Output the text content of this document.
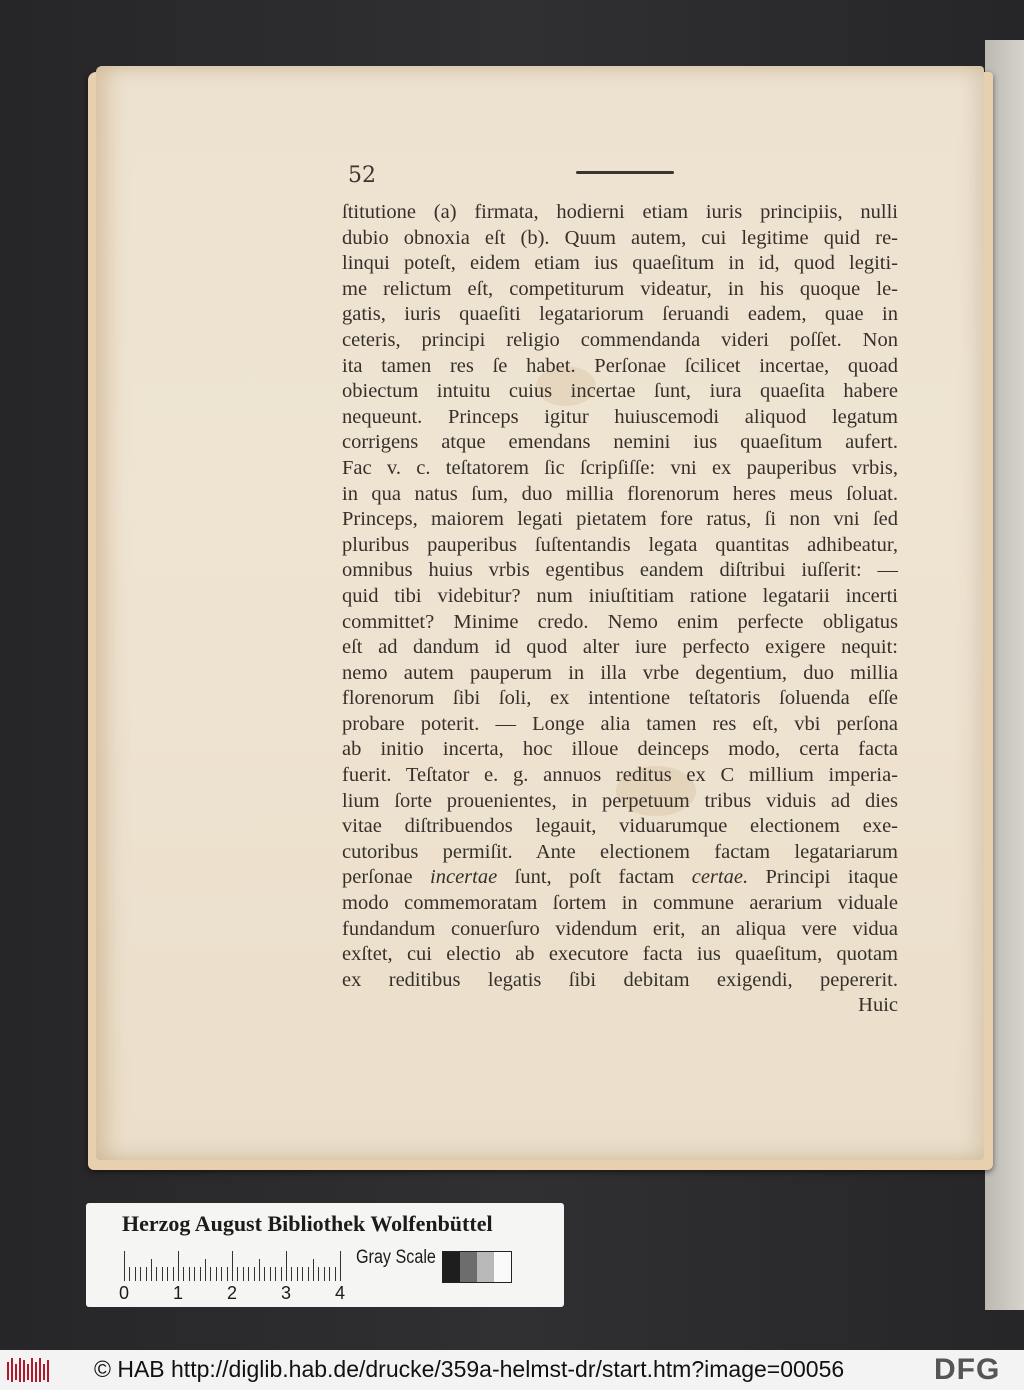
52
ſtitutione (a) firmata, hodierni etiam iuris principiis, nulli
dubio obnoxia eſt (b). Quum autem, cui legitime quid re-
linqui poteſt, eidem etiam ius quaeſitum in id, quod legiti-
me relictum eſt, competiturum videatur, in his quoque le-
gatis, iuris quaeſiti legatariorum ſeruandi eadem, quae in
ceteris, principi religio commendanda videri poſſet. Non
ita tamen res ſe habet. Perſonae ſcilicet incertae, quoad
obiectum intuitu cuius incertae ſunt, iura quaeſita habere
nequeunt. Princeps igitur huiuscemodi aliquod legatum
corrigens atque emendans nemini ius quaeſitum aufert.
Fac v. c. teſtatorem ſic ſcripſiſſe: vni ex pauperibus vrbis,
in qua natus ſum, duo millia florenorum heres meus ſoluat.
Princeps, maiorem legati pietatem fore ratus, ſi non vni ſed
pluribus pauperibus ſuſtentandis legata quantitas adhibeatur,
omnibus huius vrbis egentibus eandem diſtribui iuſſerit: —
quid tibi videbitur? num iniuſtitiam ratione legatarii incerti
committet? Minime credo. Nemo enim perfecte obligatus
eſt ad dandum id quod alter iure perfecto exigere nequit:
nemo autem pauperum in illa vrbe degentium, duo millia
florenorum ſibi ſoli, ex intentione teſtatoris ſoluenda eſſe
probare poterit. — Longe alia tamen res eſt, vbi perſona
ab initio incerta, hoc illoue deinceps modo, certa facta
fuerit. Teſtator e. g. annuos reditus ex C millium imperia-
lium ſorte prouenientes, in perpetuum tribus viduis ad dies
vitae diſtribuendos legauit, viduarumque electionem exe-
cutoribus permiſit. Ante electionem factam legatariarum
perſonae incertae ſunt, poſt factam certae. Principi itaque
modo commemoratam ſortem in commune aerarium viduale
fundandum conuerſuro videndum erit, an aliqua vere vidua
exſtet, cui electio ab executore facta ius quaeſitum, quotam
ex reditibus legatis ſibi debitam exigendi, pepererit.
Huic
Herzog August Bibliothek Wolfenbüttel
0 1 2 3 4
Gray Scale
© HAB http://diglib.hab.de/drucke/359a-helmst-dr/start.htm?image=00056	DFG
